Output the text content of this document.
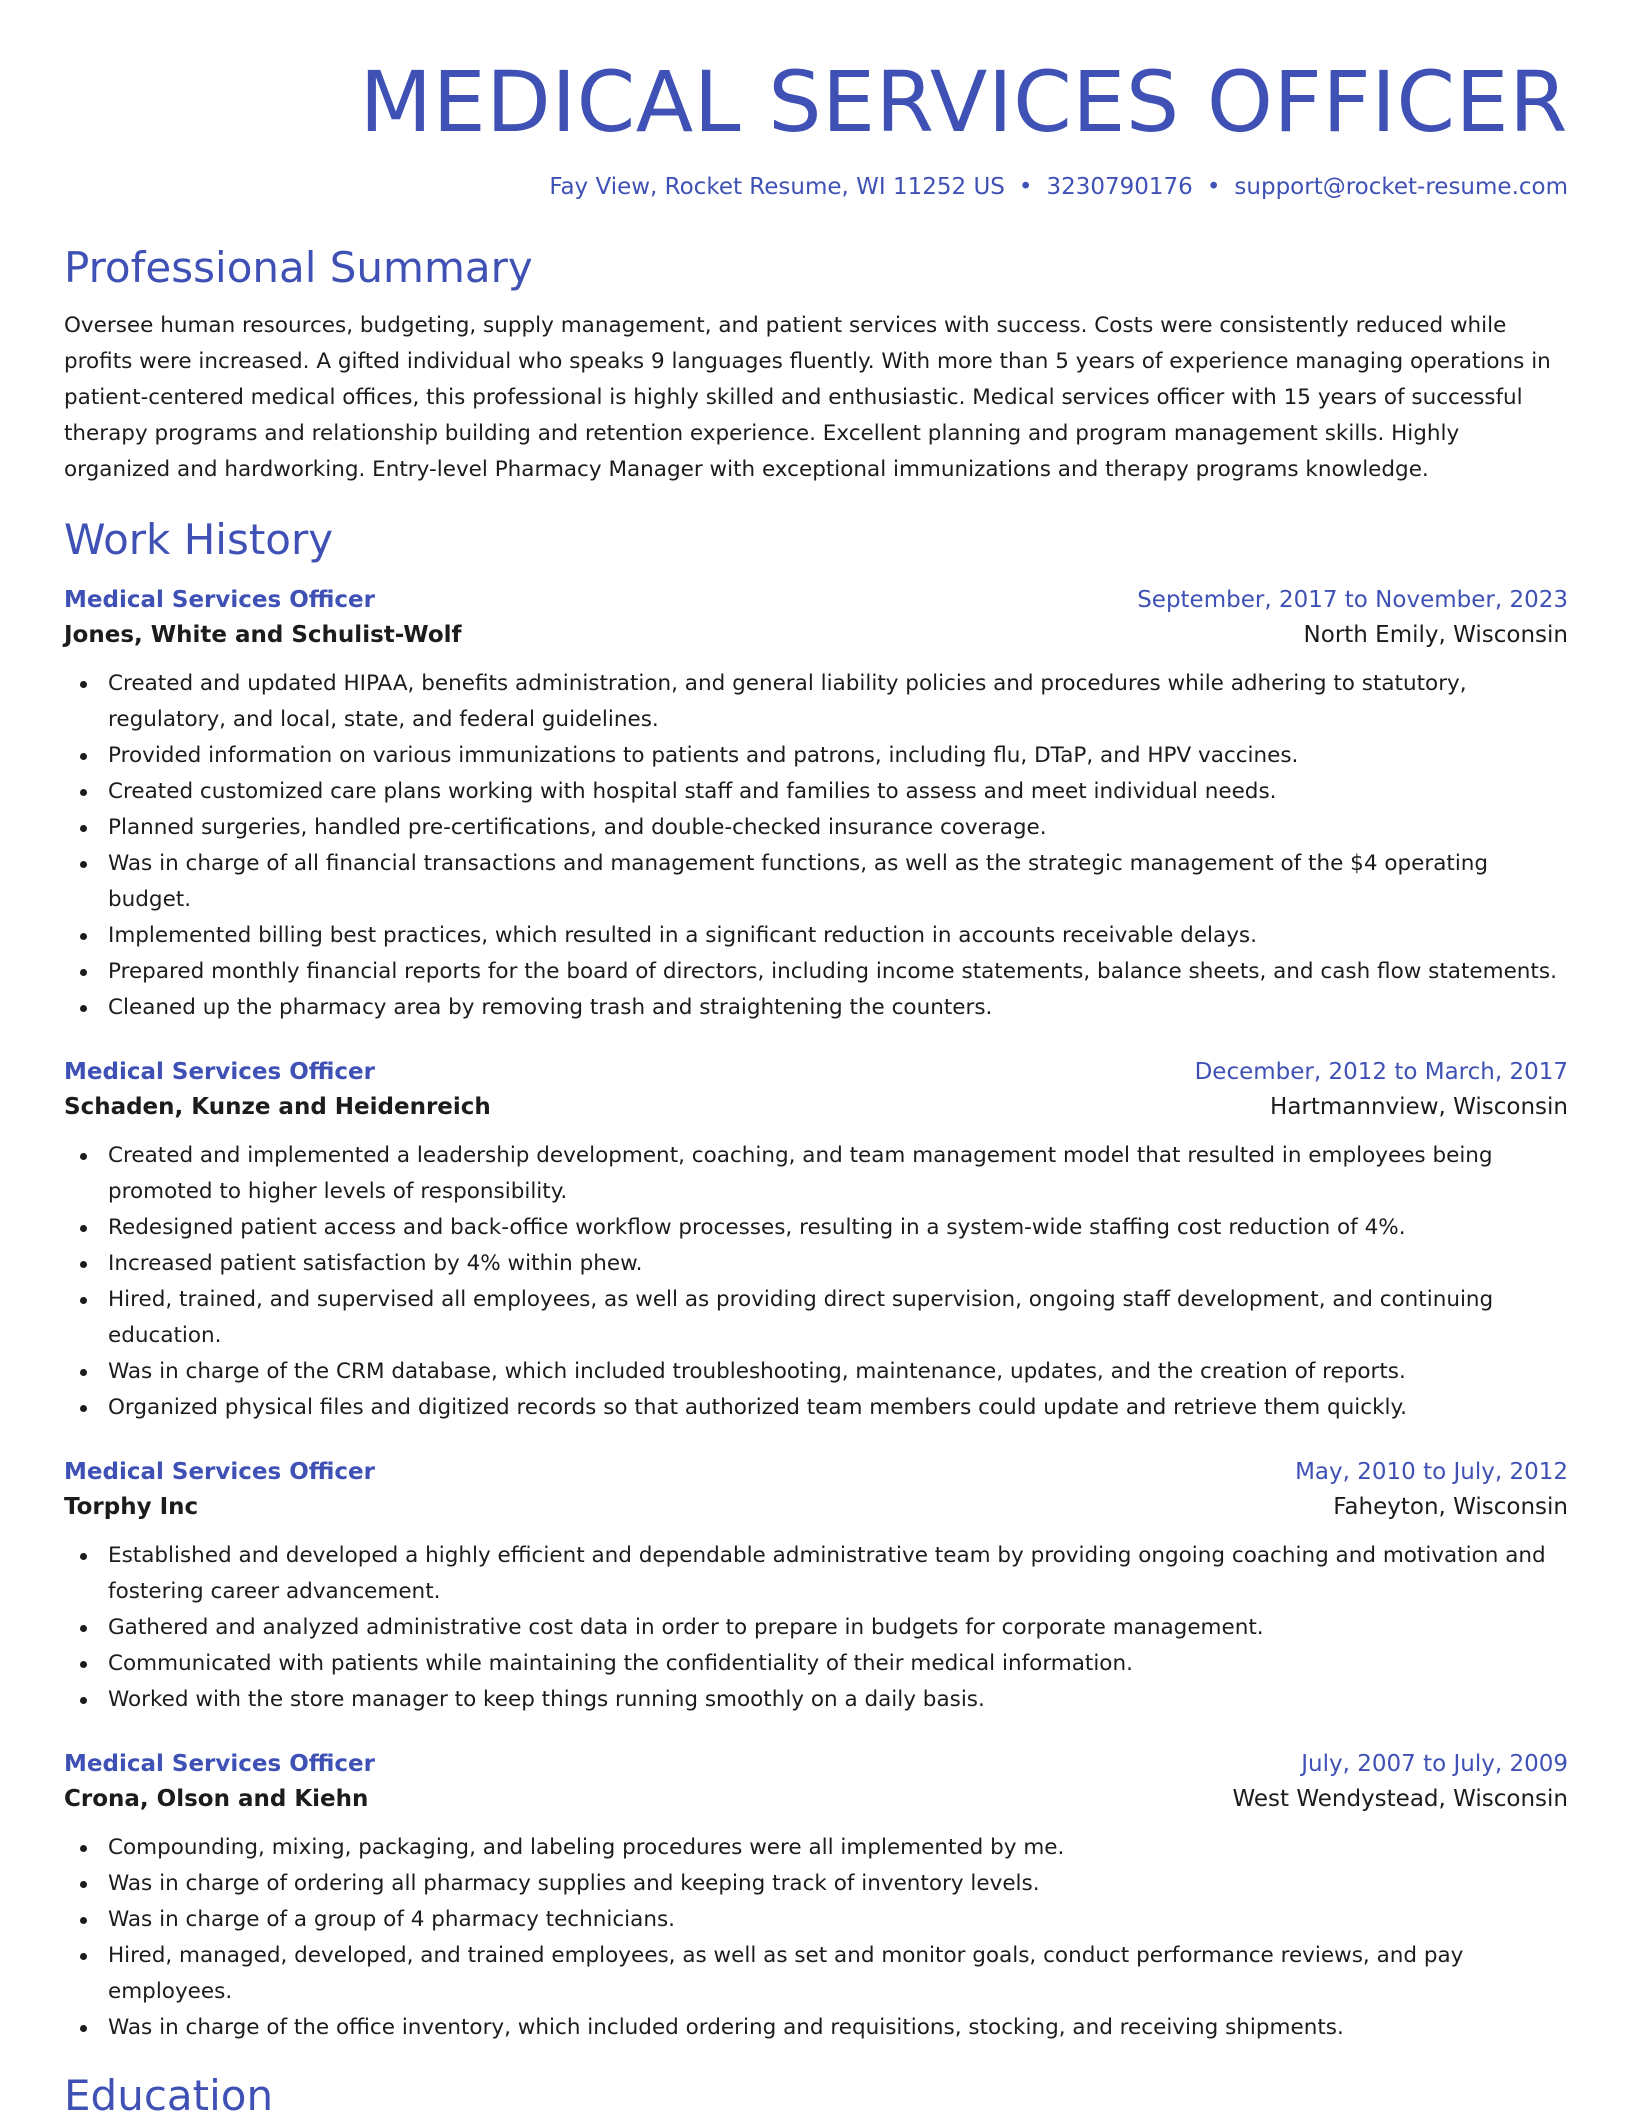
MEDICAL SERVICES OFFICER
Fay View, Rocket Resume, WI 11252 US • 3230790176 • support@rocket-resume.com
Professional Summary

Oversee human resources, budgeting, supply management, and patient services with success. Costs were consistently reduced while profits were increased. A gifted individual who speaks 9 languages fluently. With more than 5 years of experience managing operations in patient-centered medical offices, this professional is highly skilled and enthusiastic. Medical services officer with 15 years of successful therapy programs and relationship building and retention experience. Excellent planning and program management skills. Highly organized and hardworking. Entry-level Pharmacy Manager with exceptional immunizations and therapy programs knowledge.

Work History
Medical Services Officer	September, 2017 to November, 2023
Jones, White and Schulist-Wolf	North Emily, Wisconsin
Created and updated HIPAA, benefits administration, and general liability policies and procedures while adhering to statutory, regulatory, and local, state, and federal guidelines.
Provided information on various immunizations to patients and patrons, including flu, DTaP, and HPV vaccines.
Created customized care plans working with hospital staff and families to assess and meet individual needs.
Planned surgeries, handled pre-certifications, and double-checked insurance coverage.
Was in charge of all financial transactions and management functions, as well as the strategic management of the $4 operating budget.
Implemented billing best practices, which resulted in a significant reduction in accounts receivable delays.
Prepared monthly financial reports for the board of directors, including income statements, balance sheets, and cash flow statements.
Cleaned up the pharmacy area by removing trash and straightening the counters.
Medical Services Officer	December, 2012 to March, 2017
Schaden, Kunze and Heidenreich	Hartmannview, Wisconsin
Created and implemented a leadership development, coaching, and team management model that resulted in employees being promoted to higher levels of responsibility.
Redesigned patient access and back-office workflow processes, resulting in a system-wide staffing cost reduction of 4%.
Increased patient satisfaction by 4% within phew.
Hired, trained, and supervised all employees, as well as providing direct supervision, ongoing staff development, and continuing education.
Was in charge of the CRM database, which included troubleshooting, maintenance, updates, and the creation of reports.
Organized physical files and digitized records so that authorized team members could update and retrieve them quickly.
Medical Services Officer	May, 2010 to July, 2012
Torphy Inc	Faheyton, Wisconsin
Established and developed a highly efficient and dependable administrative team by providing ongoing coaching and motivation and fostering career advancement.
Gathered and analyzed administrative cost data in order to prepare in budgets for corporate management.
Communicated with patients while maintaining the confidentiality of their medical information.
Worked with the store manager to keep things running smoothly on a daily basis.
Medical Services Officer	July, 2007 to July, 2009
Crona, Olson and Kiehn	West Wendystead, Wisconsin
Compounding, mixing, packaging, and labeling procedures were all implemented by me.
Was in charge of ordering all pharmacy supplies and keeping track of inventory levels.
Was in charge of a group of 4 pharmacy technicians.
Hired, managed, developed, and trained employees, as well as set and monitor goals, conduct performance reviews, and pay employees.
Was in charge of the office inventory, which included ordering and requisitions, stocking, and receiving shipments.
Education
